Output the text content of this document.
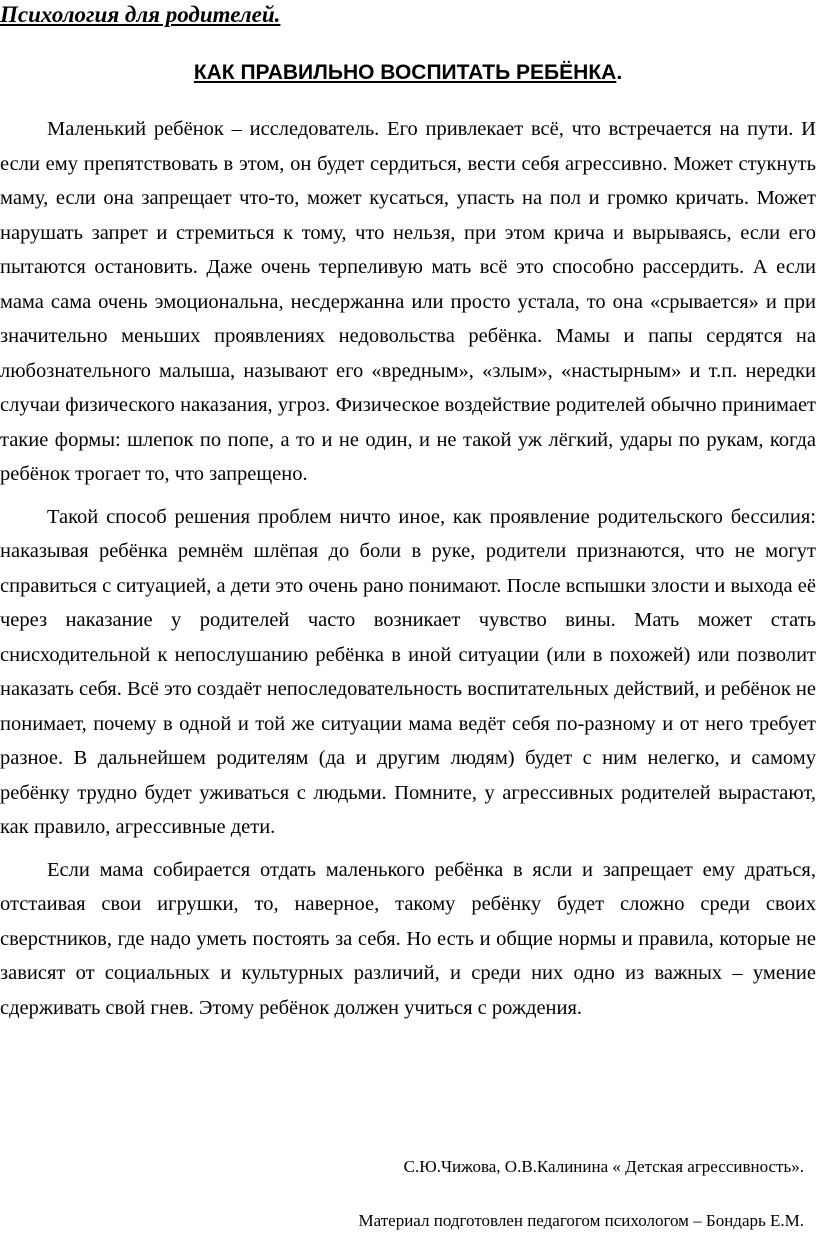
Психология для родителей.
КАК ПРАВИЛЬНО ВОСПИТАТЬ РЕБЁНКА.

Маленький ребёнок – исследователь. Его привлекает всё, что встречается на пути. И если ему препятствовать в этом, он будет сердиться, вести себя агрессивно. Может стукнуть маму, если она запрещает что-то, может кусаться, упасть на пол и громко кричать. Может нарушать запрет и стремиться к тому, что нельзя, при этом крича и вырываясь, если его пытаются остановить. Даже очень терпеливую мать всё это способно рассердить. А если мама сама очень эмоциональна, несдержанна или просто устала, то она «срывается» и при значительно меньших проявлениях недовольства ребёнка. Мамы и папы сердятся на любознательного малыша, называют его «вредным», «злым», «настырным» и т.п. нередки случаи физического наказания, угроз. Физическое воздействие родителей обычно принимает такие формы: шлепок по попе, а то и не один, и не такой уж лёгкий, удары по рукам, когда ребёнок трогает то, что запрещено.

Такой способ решения проблем ничто иное, как проявление родительского бессилия: наказывая ребёнка ремнём шлёпая до боли в руке, родители признаются, что не могут справиться с ситуацией, а дети это очень рано понимают. После вспышки злости и выхода её через наказание у родителей часто возникает чувство вины. Мать может стать снисходительной к непослушанию ребёнка в иной ситуации (или в похожей) или позволит наказать себя. Всё это создаёт непоследовательность воспитательных действий, и ребёнок не понимает, почему в одной и той же ситуации мама ведёт себя по-разному и от него требует разное. В дальнейшем родителям (да и другим людям) будет с ним нелегко, и самому ребёнку трудно будет уживаться с людьми. Помните, у агрессивных родителей вырастают, как правило, агрессивные дети.

Если мама собирается отдать маленького ребёнка в ясли и запрещает ему драться, отстаивая свои игрушки, то, наверное, такому ребёнку будет сложно среди своих сверстников, где надо уметь постоять за себя. Но есть и общие нормы и правила, которые не зависят от социальных и культурных различий, и среди них одно из важных – умение сдерживать свой гнев. Этому ребёнок должен учиться с рождения.

С.Ю.Чижова, О.В.Калинина « Детская агрессивность».
Материал подготовлен педагогом психологом – Бондарь Е.М.
